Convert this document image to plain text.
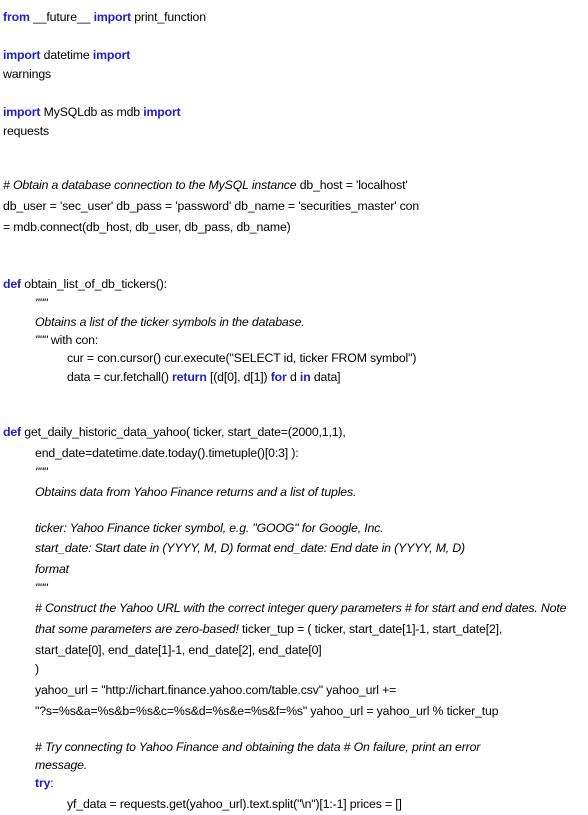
from __future__ import print_function
import datetime import
warnings
import MySQLdb as mdb import
requests
# Obtain a database connection to the MySQL instance db_host = 'localhost'
db_user = 'sec_user' db_pass = 'password' db_name = 'securities_master' con
= mdb.connect(db_host, db_user, db_pass, db_name)
def obtain_list_of_db_tickers():
"""
Obtains a list of the ticker symbols in the database.
""" with con:
cur = con.cursor() cur.execute("SELECT id, ticker FROM symbol")
data = cur.fetchall() return [(d[0], d[1]) for d in data]
def get_daily_historic_data_yahoo( ticker, start_date=(2000,1,1),
end_date=datetime.date.today().timetuple()[0:3] ):
"""
Obtains data from Yahoo Finance returns and a list of tuples.
ticker: Yahoo Finance ticker symbol, e.g. "GOOG" for Google, Inc.
start_date: Start date in (YYYY, M, D) format end_date: End date in (YYYY, M, D)
format
"""
# Construct the Yahoo URL with the correct integer query parameters # for start and end dates. Note
that some parameters are zero-based! ticker_tup = ( ticker, start_date[1]-1, start_date[2],
start_date[0], end_date[1]-1, end_date[2], end_date[0]
)
yahoo_url = "http://ichart.finance.yahoo.com/table.csv" yahoo_url +=
"?s=%s&a=%s&b=%s&c=%s&d=%s&e=%s&f=%s" yahoo_url = yahoo_url % ticker_tup
# Try connecting to Yahoo Finance and obtaining the data # On failure, print an error
message.
try:
yf_data = requests.get(yahoo_url).text.split("\n")[1:-1] prices = []
